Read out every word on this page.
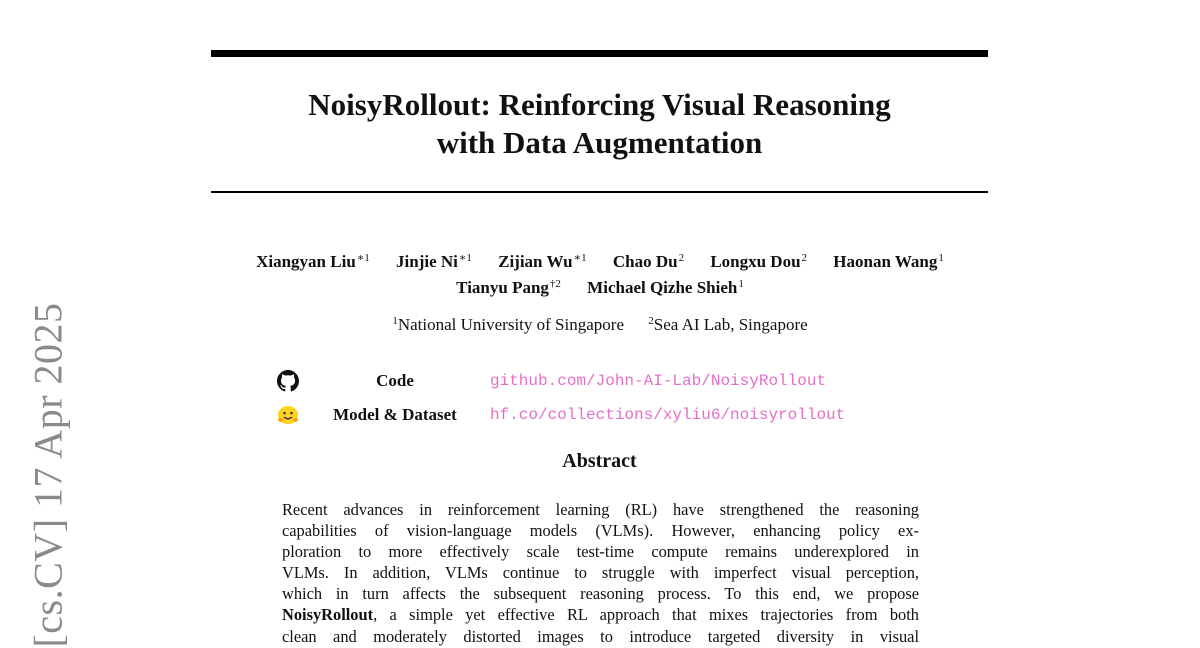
[cs.CV] 17 Apr 2025
NoisyRollout: Reinforcing Visual Reasoning
with Data Augmentation
Xiangyan Liu$^{∗1}$ Jinjie $Ni^{∗1}$ Zijian $Wu^{∗1}$ Chao Du$^2$ Longxu Dou$^2$ Haonan Wang$^1$
Tianyu Pang$^{\dagger 2}$ Michael Qizhe Shieh$^1$
$^1$National University of Singapore $^2$Sea AI Lab, Singapore
Code	github.com/John-AI-Lab/NoisyRollout
Model & Dataset	hf.co/collections/xyliu6/noisyrollout
Abstract
Recent advances in reinforcement learning (RL) have strengthened the reasoning
capabilities of vision-language models (VLMs). However, enhancing policy ex-
ploration to more effectively scale test-time compute remains underexplored in
VLMs. In addition, VLMs continue to struggle with imperfect visual perception,
which in turn affects the subsequent reasoning process. To this end, we propose
NoisyRollout, a simple yet effective RL approach that mixes trajectories from both
clean and moderately distorted images to introduce targeted diversity in visual
